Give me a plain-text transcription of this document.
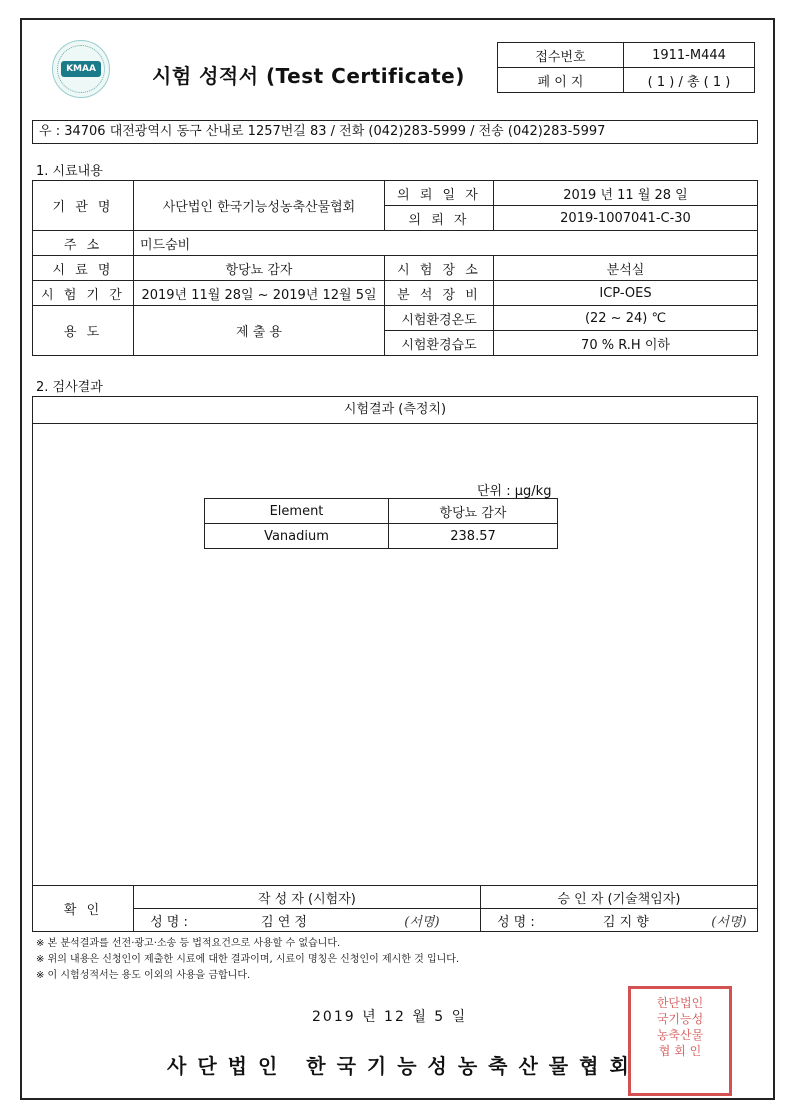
KMAA	시험 성적서 (Test Certificate)
접수번호	1911-M444
페 이 지	( 1 ) / 총 ( 1 )
우 : 34706 대전광역시 동구 산내로 1257번길 83 / 전화 (042)283-5999 / 전송 (042)283-5997
1. 시료내용
기 관 명	사단법인 한국기능성농축산물협회	의 뢰 일 자	2019 년 11 월 28 일
		의 뢰 자	2019-1007041-C-30
주 소	미드숨비		
시 료 명	항당뇨 감자	시 험 장 소	분석실
시 험 기 간	2019년 11월 28일 ~ 2019년 12월 5일	분 석 장 비	ICP-OES
용 도	제 출 용	시험환경온도	(22 ~ 24) ℃
		시험환경습도	70 % R.H 이하
2. 검사결과
시험결과 (측정치)
단위 : μg/kg
Element	항당뇨 감자
Vanadium	238.57
확 인	작 성 자 (시험자)			승 인 자 (기술책임자)		
	성 명 :	김 연 정	(서명)	성 명 :	김 지 향	(서명)
※ 본 분석결과를 선전·광고·소송 등 법적요건으로 사용할 수 없습니다.
※ 위의 내용은 신청인이 제출한 시료에 대한 결과이며, 시료이 명칭은 신청인이 제시한 것 입니다.
※ 이 시험성적서는 용도 이외의 사용을 금합니다.
2019 년 12 월 5 일
사단법인 한국기능성농축산물협회
한단법인
국기능성
농축산물
협 회 인
